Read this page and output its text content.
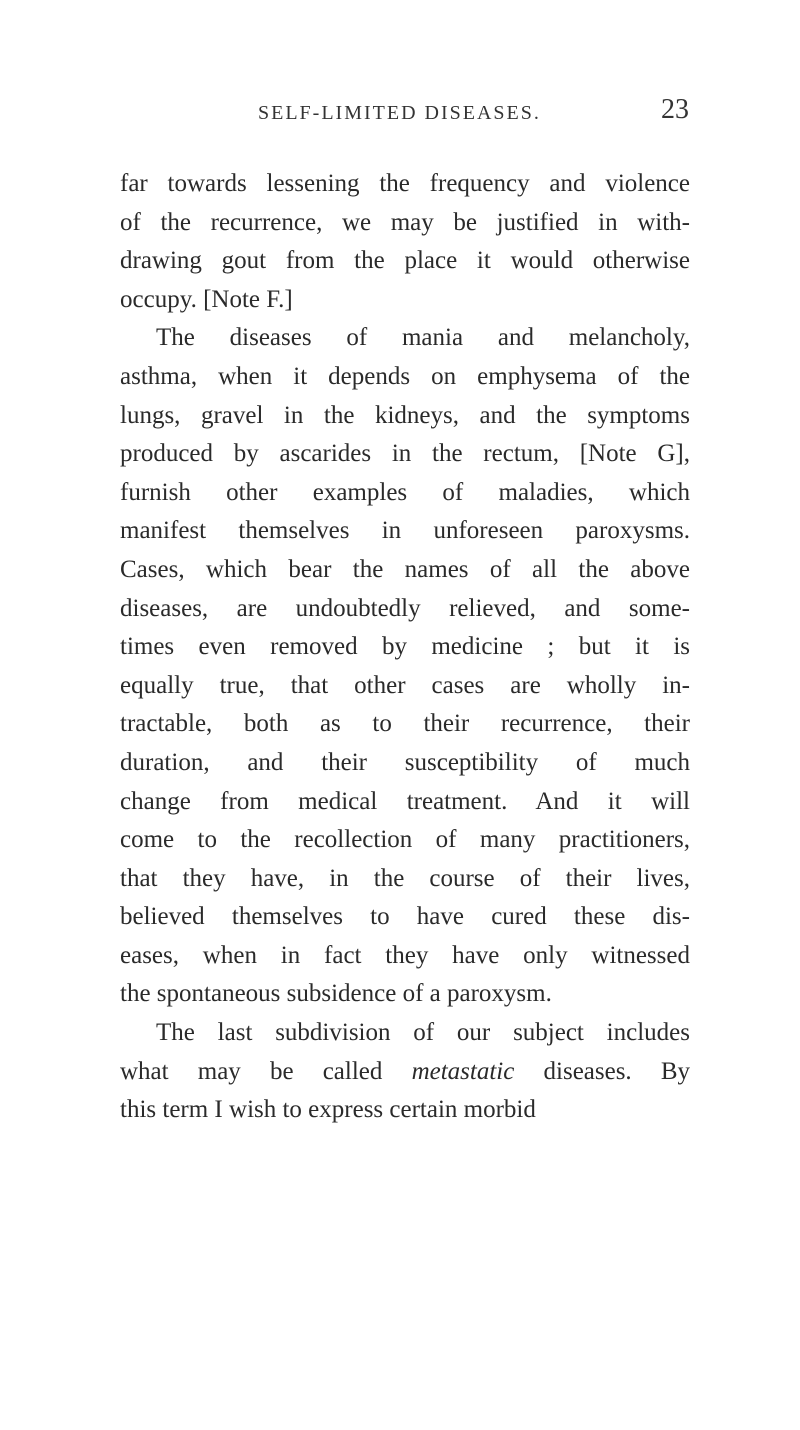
SELF-LIMITED DISEASES.	23
far towards lessening the frequency and violence
of the recurrence, we may be justified in with-
drawing gout from the place it would otherwise
occupy. [Note F.]
The diseases of mania and melancholy,
asthma, when it depends on emphysema of the
lungs, gravel in the kidneys, and the symptoms
produced by ascarides in the rectum, [Note G],
furnish other examples of maladies, which
manifest themselves in unforeseen paroxysms.
Cases, which bear the names of all the above
diseases, are undoubtedly relieved, and some-
times even removed by medicine ; but it is
equally true, that other cases are wholly in-
tractable, both as to their recurrence, their
duration, and their susceptibility of much
change from medical treatment. And it will
come to the recollection of many practitioners,
that they have, in the course of their lives,
believed themselves to have cured these dis-
eases, when in fact they have only witnessed
the spontaneous subsidence of a paroxysm.
The last subdivision of our subject includes
what may be called metastatic diseases. By
this term I wish to express certain morbid
